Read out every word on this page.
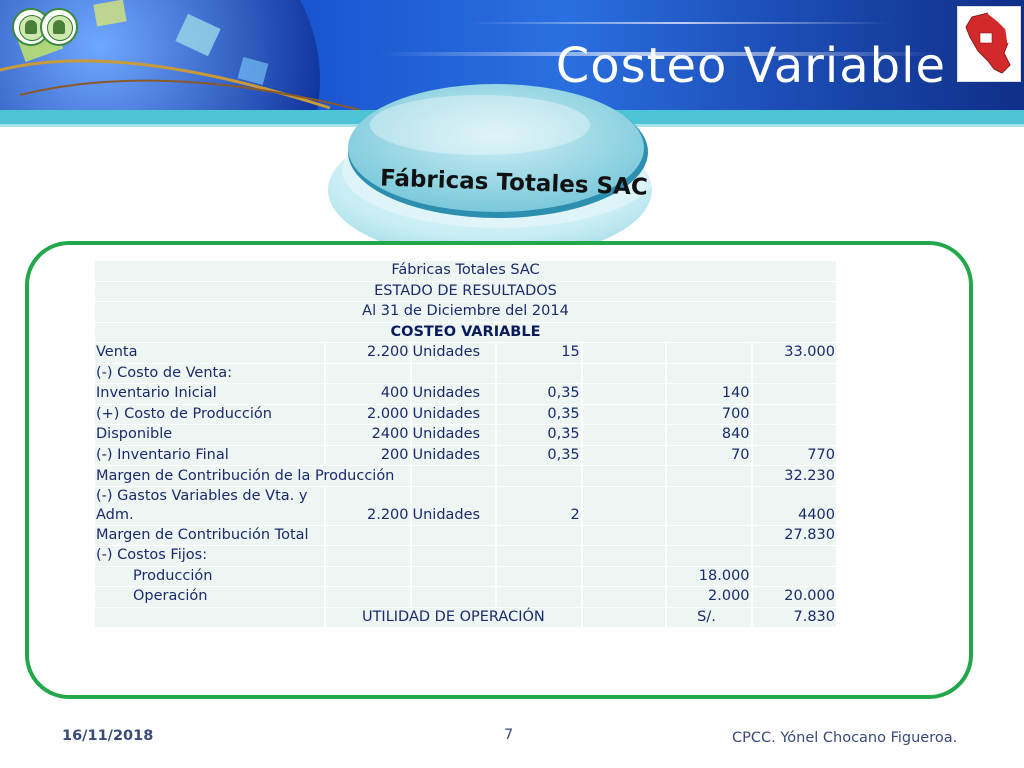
Costeo Variable
Fábricas Totales SAC
Fábricas Totales SAC						
ESTADO DE RESULTADOS						
Al 31 de Diciembre del 2014						
COSTEO VARIABLE						
Venta	2.200	Unidades	15			33.000
(-) Costo de Venta:						
Inventario Inicial	400	Unidades	0,35		140	
(+) Costo de Producción	2.000	Unidades	0,35		700	
Disponible	2400	Unidades	0,35		840	
(-) Inventario Final	200	Unidades	0,35		70	770
Margen de Contribución de la Producción						32.230
(-) Gastos Variables de Vta. y Adm.	2.200	Unidades	2			4400
Margen de Contribución Total						27.830
(-) Costos Fijos:						
Producción					18.000	
Operación					2.000	20.000
	UTILIDAD DE OPERACIÓN				S/.	7.830
16/11/2018	7	CPCC. Yónel Chocano Figueroa.
